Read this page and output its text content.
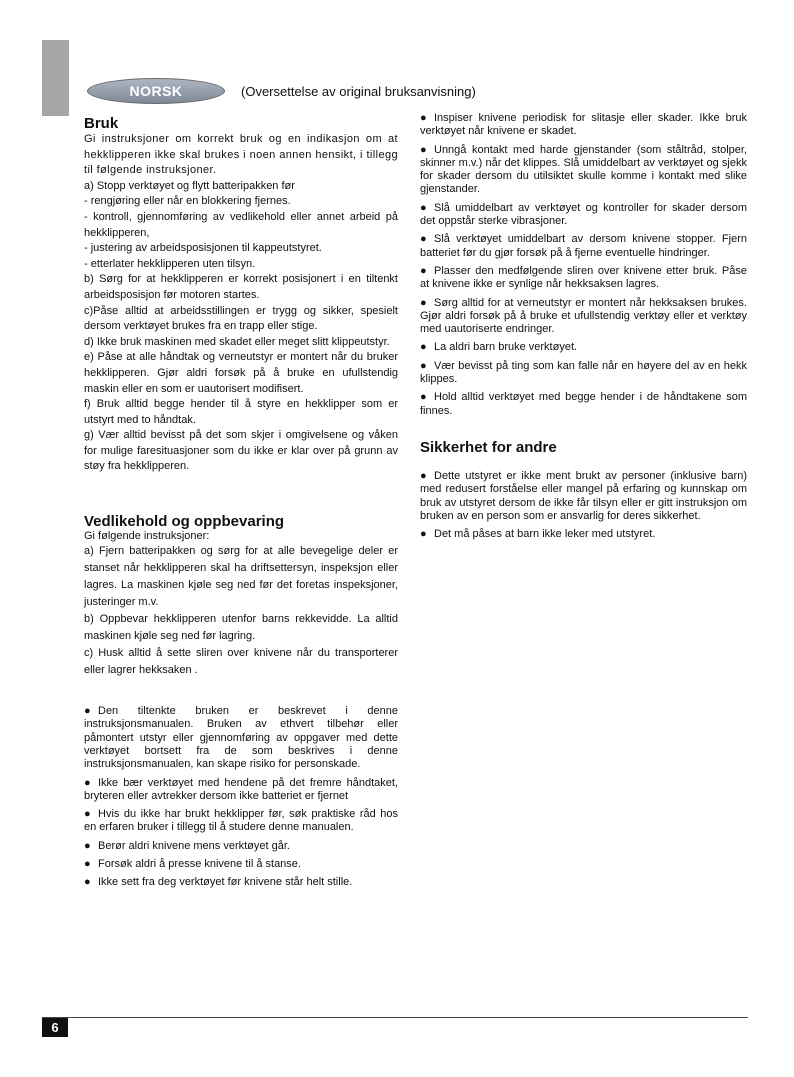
NORSK	(Oversettelse av original bruksanvisning)

Bruk

Gi instruksjoner om korrekt bruk og en indikasjon om at hekklipperen ikke skal brukes i noen annen hensikt, i tillegg til følgende instruksjoner.

a) Stopp verktøyet og flytt batteripakken før

- rengjøring eller når en blokkering fjernes.

- kontroll, gjennomføring av vedlikehold eller annet arbeid på hekklipperen,

- justering av arbeidsposisjonen til kappeutstyret.

- etterlater hekklipperen uten tilsyn.

b) Sørg for at hekklipperen er korrekt posisjonert i en tiltenkt arbeidsposisjon før motoren startes.

c)Påse alltid at arbeidsstillingen er trygg og sikker, spesielt dersom verktøyet brukes fra en trapp eller stige.

d) Ikke bruk maskinen med skadet eller meget slitt klippeutstyr.

e) Påse at alle håndtak og verneutstyr er montert når du bruker hekklipperen. Gjør aldri forsøk på å bruke en ufullstendig maskin eller en som er uautorisert modifisert.

f) Bruk alltid begge hender til å styre en hekklipper som er utstyrt med to håndtak.

g) Vær alltid bevisst på det som skjer i omgivelsene og våken for mulige faresituasjoner som du ikke er klar over på grunn av støy fra hekklipperen.

Vedlikehold og oppbevaring

Gi følgende instruksjoner:

a) Fjern batteripakken og sørg for at alle bevegelige deler er stanset når hekklipperen skal ha driftsettersyn, inspeksjon eller lagres. La maskinen kjøle seg ned før det foretas inspeksjoner, justeringer m.v.

b) Oppbevar hekklipperen utenfor barns rekkevidde. La alltid maskinen kjøle seg ned før lagring.

c) Husk alltid å sette sliren over knivene når du transporterer eller lagrer hekksaken .

● Den tiltenkte bruken er beskrevet i denne instruksjonsmanualen. Bruken av ethvert tilbehør eller påmontert utstyr eller gjennomføring av oppgaver med dette verktøyet bortsett fra de som beskrives i denne instruksjonsmanualen, kan skape risiko for personskade.

● Ikke bær verktøyet med hendene på det fremre håndtaket, bryteren eller avtrekker dersom ikke batteriet er fjernet

● Hvis du ikke har brukt hekklipper før, søk praktiske råd hos en erfaren bruker i tillegg til å studere denne manualen.

● Berør aldri knivene mens verktøyet går.

● Forsøk aldri å presse knivene til å stanse.

● Ikke sett fra deg verktøyet før knivene står helt stille.

● Inspiser knivene periodisk for slitasje eller skader. Ikke bruk verktøyet når knivene er skadet.

● Unngå kontakt med harde gjenstander (som ståltråd, stolper, skinner m.v.) når det klippes. Slå umiddelbart av verktøyet og sjekk for skader dersom du utilsiktet skulle komme i kontakt med slike gjenstander.

● Slå umiddelbart av verktøyet og kontroller for skader dersom det oppstår sterke vibrasjoner.

● Slå verktøyet umiddelbart av dersom knivene stopper. Fjern batteriet før du gjør forsøk på å fjerne eventuelle hindringer.

● Plasser den medfølgende sliren over knivene etter bruk. Påse at knivene ikke er synlige når hekksaksen lagres.

● Sørg alltid for at verneutstyr er montert når hekksaksen brukes. Gjør aldri forsøk på å bruke et ufullstendig verktøy eller et verktøy med uautoriserte endringer.

● La aldri barn bruke verktøyet.

● Vær bevisst på ting som kan falle når en høyere del av en hekk klippes.

● Hold alltid verktøyet med begge hender i de håndtakene som finnes.

Sikkerhet for andre

● Dette utstyret er ikke ment brukt av personer (inklusive barn) med redusert forståelse eller mangel på erfaring og kunnskap om bruk av utstyret dersom de ikke får tilsyn eller er gitt instruksjon om bruken av en person som er ansvarlig for deres sikkerhet.

● Det må påses at barn ikke leker med utstyret.

6
